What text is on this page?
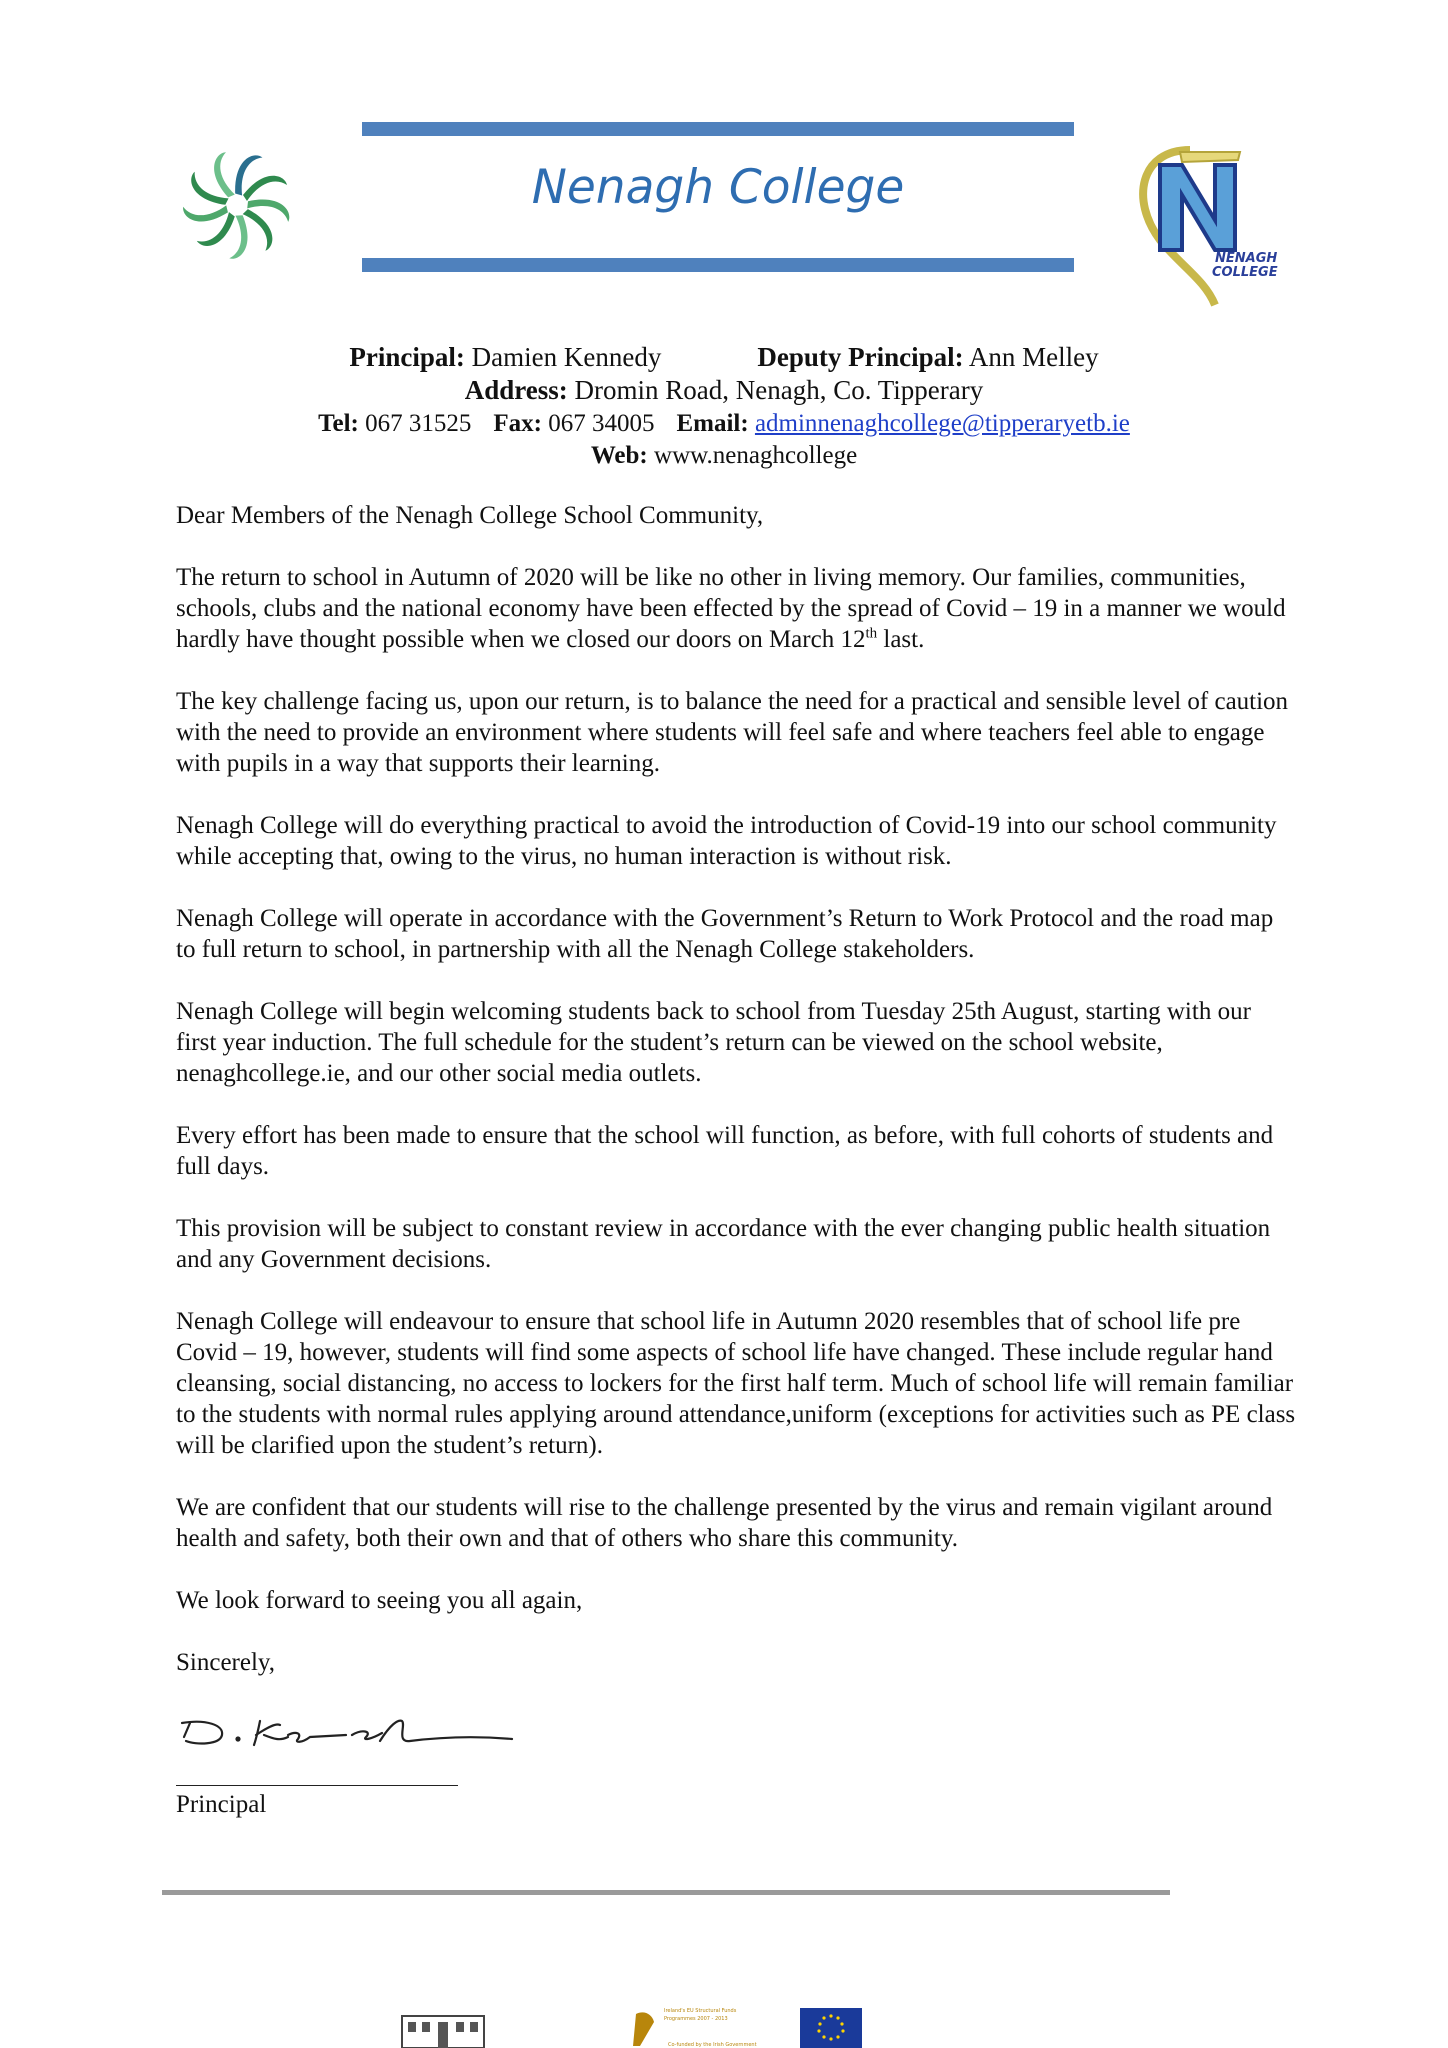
Nenagh College
NENAGH
COLLEGE
Principal: Damien Kennedy	Deputy Principal: Ann Melley
Address: Dromin Road, Nenagh, Co. Tipperary
Tel: 067 31525 Fax: 067 34005 Email: adminnenaghcollege@tipperaryetb.ie
Web: www.nenaghcollege

Dear Members of the Nenagh College School Community,

The return to school in Autumn of 2020 will be like no other in living memory. Our families, communities, schools, clubs and the national economy have been effected by the spread of Covid – 19 in a manner we would hardly have thought possible when we closed our doors on March 12th last.

The key challenge facing us, upon our return, is to balance the need for a practical and sensible level of caution with the need to provide an environment where students will feel safe and where teachers feel able to engage with pupils in a way that supports their learning.

Nenagh College will do everything practical to avoid the introduction of Covid-19 into our school community while accepting that, owing to the virus, no human interaction is without risk.

Nenagh College will operate in accordance with the Government’s Return to Work Protocol and the road map to full return to school, in partnership with all the Nenagh College stakeholders.

Nenagh College will begin welcoming students back to school from Tuesday 25th August, starting with our first year induction. The full schedule for the student’s return can be viewed on the school website, nenaghcollege.ie, and our other social media outlets.

Every effort has been made to ensure that the school will function, as before, with full cohorts of students and full days.

This provision will be subject to constant review in accordance with the ever changing public health situation and any Government decisions.

Nenagh College will endeavour to ensure that school life in Autumn 2020 resembles that of school life pre Covid – 19, however, students will find some aspects of school life have changed. These include regular hand cleansing, social distancing, no access to lockers for the first half term. Much of school life will remain familiar to the students with normal rules applying around attendance,uniform (exceptions for activities such as PE class will be clarified upon the student’s return).

We are confident that our students will rise to the challenge presented by the virus and remain vigilant around health and safety, both their own and that of others who share this community.

We look forward to seeing you all again,

Sincerely,

Principal
Ireland's EU Structural Funds
Programmes 2007 - 2013
Co-funded by the Irish Government
